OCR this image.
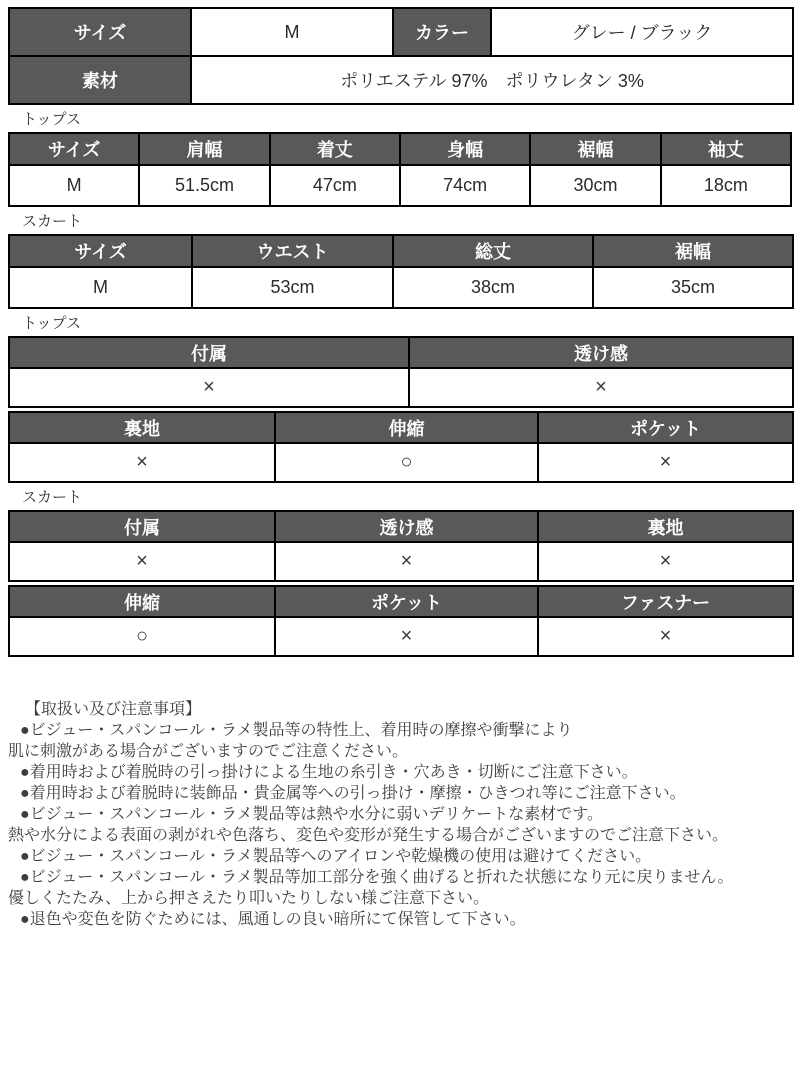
サイズ	M	カラー	グレー / ブラック
素材	ポリエステル 97%　ポリウレタン 3%		
トップス
サイズ	肩幅	着丈	身幅	裾幅	袖丈
M	51.5cm	47cm	74cm	30cm	18cm
スカート
サイズ	ウエスト	総丈	裾幅
M	53cm	38cm	35cm
トップス
付属	透け感
×	×
裏地	伸縮	ポケット
×	○	×
スカート
付属	透け感	裏地
×	×	×
伸縮	ポケット	ファスナー
○	×	×
【取扱い及び注意事項】
●ビジュー・スパンコール・ラメ製品等の特性上、着用時の摩擦や衝撃により
肌に刺激がある場合がございますのでご注意ください。
●着用時および着脱時の引っ掛けによる生地の糸引き・穴あき・切断にご注意下さい。
●着用時および着脱時に装飾品・貴金属等への引っ掛け・摩擦・ひきつれ等にご注意下さい。
●ビジュー・スパンコール・ラメ製品等は熱や水分に弱いデリケートな素材です。
熱や水分による表面の剥がれや色落ち、変色や変形が発生する場合がございますのでご注意下さい。
●ビジュー・スパンコール・ラメ製品等へのアイロンや乾燥機の使用は避けてください。
●ビジュー・スパンコール・ラメ製品等加工部分を強く曲げると折れた状態になり元に戻りません。
優しくたたみ、上から押さえたり叩いたりしない様ご注意下さい。
●退色や変色を防ぐためには、風通しの良い暗所にて保管して下さい。
